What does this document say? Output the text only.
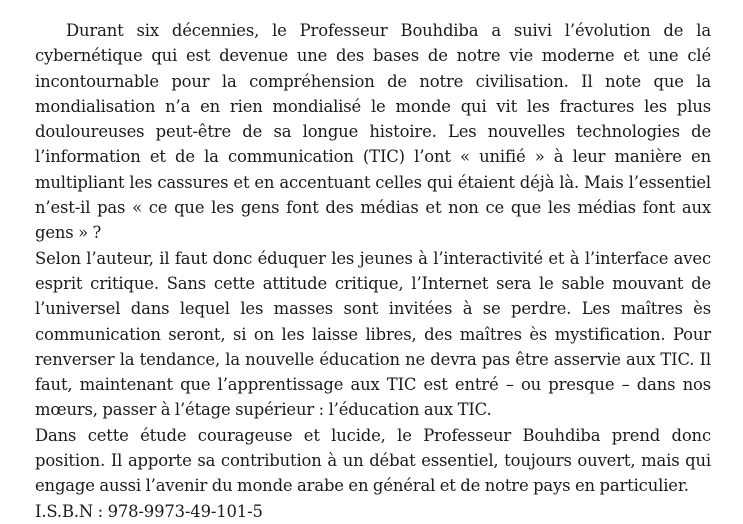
Durant six décennies, le Professeur Bouhdiba a suivi l’évolution de la cybernétique qui est devenue une des bases de notre vie moderne et une clé incontournable pour la compréhension de notre civilisation. Il note que la mondialisation n’a en rien mondialisé le monde qui vit les fractures les plus douloureuses peut-être de sa longue histoire. Les nouvelles technologies de l’information et de la communication (TIC) l’ont « unifié » à leur manière en multipliant les cassures et en accentuant celles qui étaient déjà là. Mais l’essentiel n’est-il pas « ce que les gens font des médias et non ce que les médias font aux gens » ?

Selon l’auteur, il faut donc éduquer les jeunes à l’interactivité et à l’interface avec esprit critique. Sans cette attitude critique, l’Internet sera le sable mouvant de l’universel dans lequel les masses sont invitées à se perdre. Les maîtres ès communication seront, si on les laisse libres, des maîtres ès mystification. Pour renverser la tendance, la nouvelle éducation ne devra pas être asservie aux TIC. Il faut, maintenant que l’apprentissage aux TIC est entré – ou presque – dans nos mœurs, passer à l’étage supérieur : l’éducation aux TIC.

Dans cette étude courageuse et lucide, le Professeur Bouhdiba prend donc position. Il apporte sa contribution à un débat essentiel, toujours ouvert, mais qui engage aussi l’avenir du monde arabe en général et de notre pays en particulier.

I.S.B.N : 978-9973-49-101-5
